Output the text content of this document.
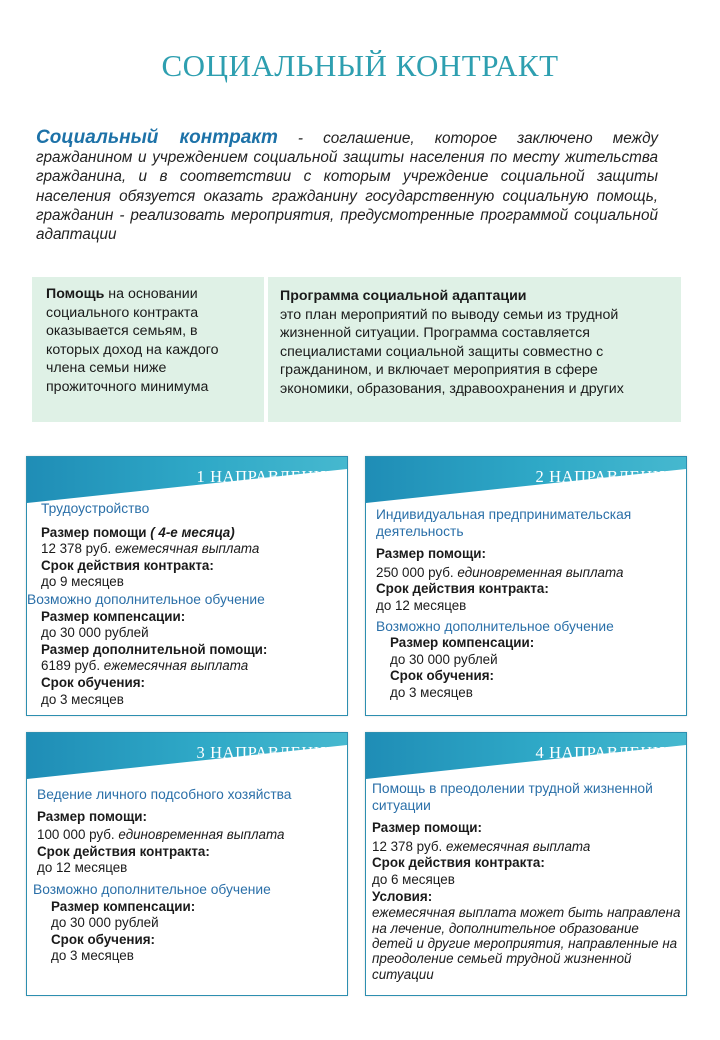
СОЦИАЛЬНЫЙ КОНТРАКТ
Социальный контракт - соглашение, которое заключено между гражданином и учреждением социальной защиты населения по месту жительства гражданина, и в соответствии с которым учреждение социальной защиты населения обязуется оказать гражданину государственную социальную помощь, гражданин - реализовать мероприятия, предусмотренные программой социальной адаптации
Помощь на основании социального контракта оказывается семьям, в которых доход на каждого члена семьи ниже прожиточного минимума
Программа социальной адаптации
это план мероприятий по выводу семьи из трудной жизненной ситуации. Программа составляется специалистами социальной защиты совместно с гражданином, и включает мероприятия в сфере экономики, образования, здравоохранения и других
1 НАПРАВЛЕНИЕ
Трудоустройство
Размер помощи ( 4-е месяца)
12 378 руб. ежемесячная выплата
Срок действия контракта:
до 9 месяцев
Возможно дополнительное обучение
Размер компенсации:
до 30 000 рублей
Размер дополнительной помощи:
6189 руб. ежемесячная выплата
Срок обучения:
до 3 месяцев
2 НАПРАВЛЕНИЕ
Индивидуальная предпринимательская деятельность
Размер помощи:
250 000 руб. единовременная выплата
Срок действия контракта:
до 12 месяцев
Возможно дополнительное обучение
Размер компенсации:
до 30 000 рублей
Срок обучения:
до 3 месяцев
3 НАПРАВЛЕНИЕ
Ведение личного подсобного хозяйства
Размер помощи:
100 000 руб. единовременная выплата
Срок действия контракта:
до 12 месяцев
Возможно дополнительное обучение
Размер компенсации:
до 30 000 рублей
Срок обучения:
до 3 месяцев
4 НАПРАВЛЕНИЕ
Помощь в преодолении трудной жизненной ситуации
Размер помощи:
12 378 руб. ежемесячная выплата
Срок действия контракта:
до 6 месяцев
Условия:
ежемесячная выплата может быть направлена на лечение, дополнительное образование детей и другие мероприятия, направленные на преодоление семьей трудной жизненной ситуации
